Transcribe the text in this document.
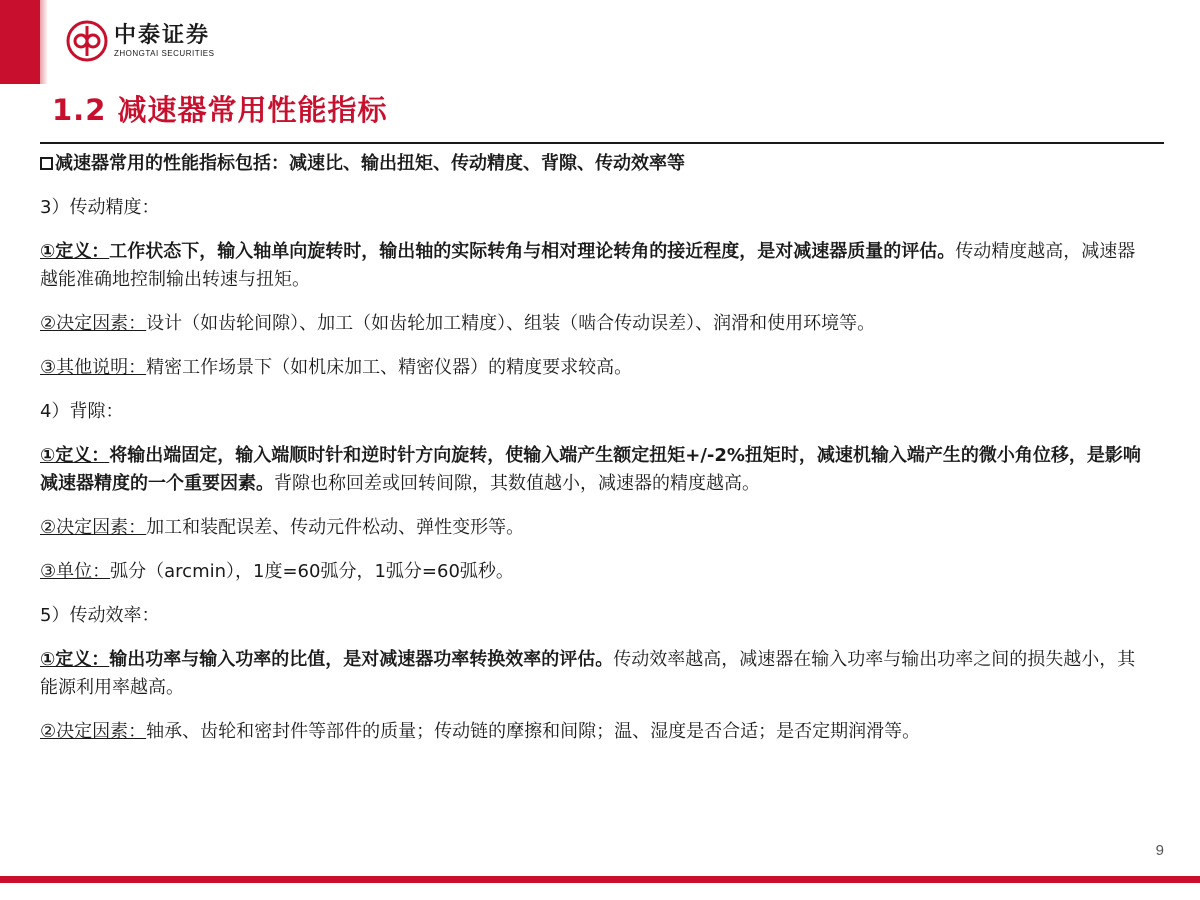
中泰证券
ZHONGTAI SECURITIES
1.2 减速器常用性能指标

减速器常用的性能指标包括：减速比、输出扭矩、传动精度、背隙、传动效率等

3）传动精度：

①定义：工作状态下，输入轴单向旋转时，输出轴的实际转角与相对理论转角的接近程度，是对减速器质量的评估。传动精度越高，减速器越能准确地控制输出转速与扭矩。

②决定因素：设计（如齿轮间隙）、加工（如齿轮加工精度）、组装（啮合传动误差）、润滑和使用环境等。

③其他说明：精密工作场景下（如机床加工、精密仪器）的精度要求较高。

4）背隙：

①定义：将输出端固定，输入端顺时针和逆时针方向旋转，使输入端产生额定扭矩+/-2%扭矩时，减速机输入端产生的微小角位移，是影响减速器精度的一个重要因素。背隙也称回差或回转间隙，其数值越小，减速器的精度越高。

②决定因素：加工和装配误差、传动元件松动、弹性变形等。

③单位：弧分（arcmin），1度=60弧分，1弧分=60弧秒。

5）传动效率：

①定义：输出功率与输入功率的比值，是对减速器功率转换效率的评估。传动效率越高，减速器在输入功率与输出功率之间的损失越小，其能源利用率越高。

②决定因素：轴承、齿轮和密封件等部件的质量；传动链的摩擦和间隙；温、湿度是否合适；是否定期润滑等。

9
